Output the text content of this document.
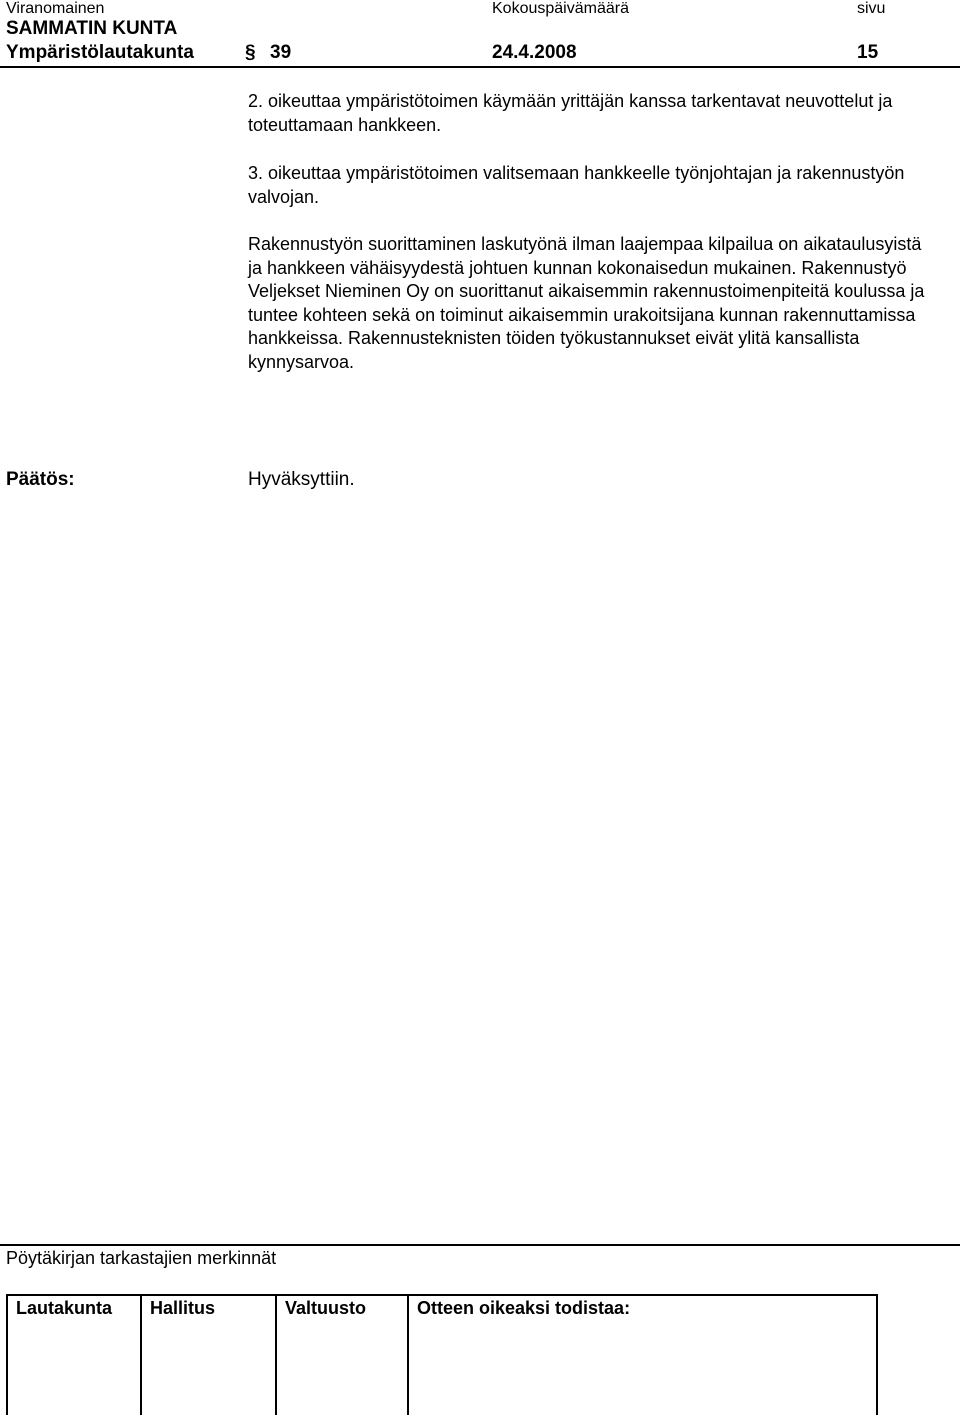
Viranomainen	Kokouspäivämäärä	sivu
SAMMATIN KUNTA
Ympäristölautakunta	§ 39	24.4.2008	15

2. oikeuttaa ympäristötoimen käymään yrittäjän kanssa tarkentavat neuvottelut ja toteuttamaan hankkeen.

3. oikeuttaa ympäristötoimen valitsemaan hankkeelle työnjohtajan ja rakennustyön valvojan.

Rakennustyön suorittaminen laskutyönä ilman laajempaa kilpailua on aikataulusyistä ja hankkeen vähäisyydestä johtuen kunnan kokonaisedun mukainen. Rakennustyö Veljekset Nieminen Oy on suorittanut aikaisemmin rakennustoimenpiteitä koulussa ja tuntee kohteen sekä on toiminut aikaisemmin urakoitsijana kunnan rakennuttamissa hankkeissa. Rakennusteknisten töiden työkustannukset eivät ylitä kansallista kynnysarvoa.

Päätös:	Hyväksyttiin.
Pöytäkirjan tarkastajien merkinnät
Lautakunta	Hallitus	Valtuusto	Otteen oikeaksi todistaa:
